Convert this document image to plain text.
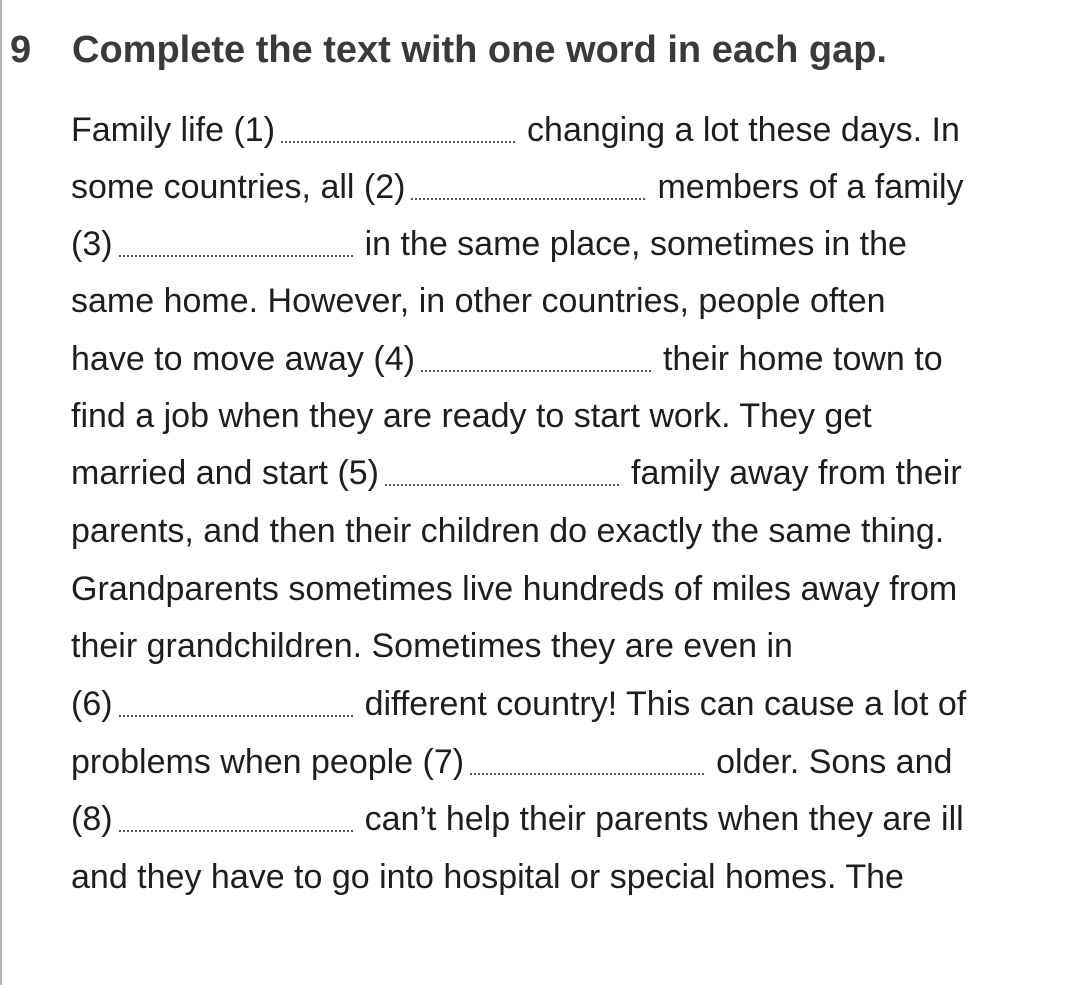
9	Complete the text with one word in each gap.
Family life (1)	changing a lot these days. In
some countries, all (2)	members of a family
(3)	in the same place, sometimes in the
same home. However, in other countries, people often
have to move away (4)	their home town to
find a job when they are ready to start work. They get
married and start (5)	family away from their
parents, and then their children do exactly the same thing.
Grandparents sometimes live hundreds of miles away from
their grandchildren. Sometimes they are even in
(6)	different country! This can cause a lot of
problems when people (7)	older. Sons and
(8)	can’t help their parents when they are ill
and they have to go into hospital or special homes. The
